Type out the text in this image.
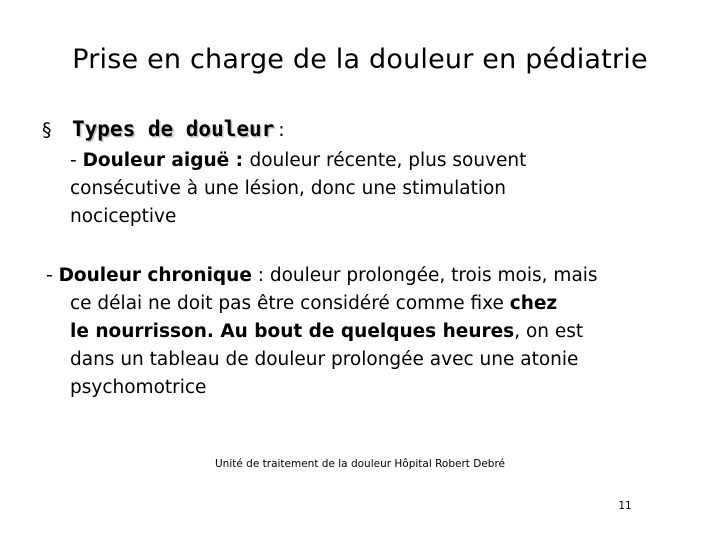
Prise en charge de la douleur en pédiatrie
§ Types de douleur :
- Douleur aiguë : douleur récente, plus souvent
consécutive à une lésion, donc une stimulation
nociceptive
- Douleur chronique : douleur prolongée, trois mois, mais
ce délai ne doit pas être considéré comme fixe chez
le nourrisson. Au bout de quelques heures, on est
dans un tableau de douleur prolongée avec une atonie
psychomotrice
Unité de traitement de la douleur Hôpital Robert Debré
11
